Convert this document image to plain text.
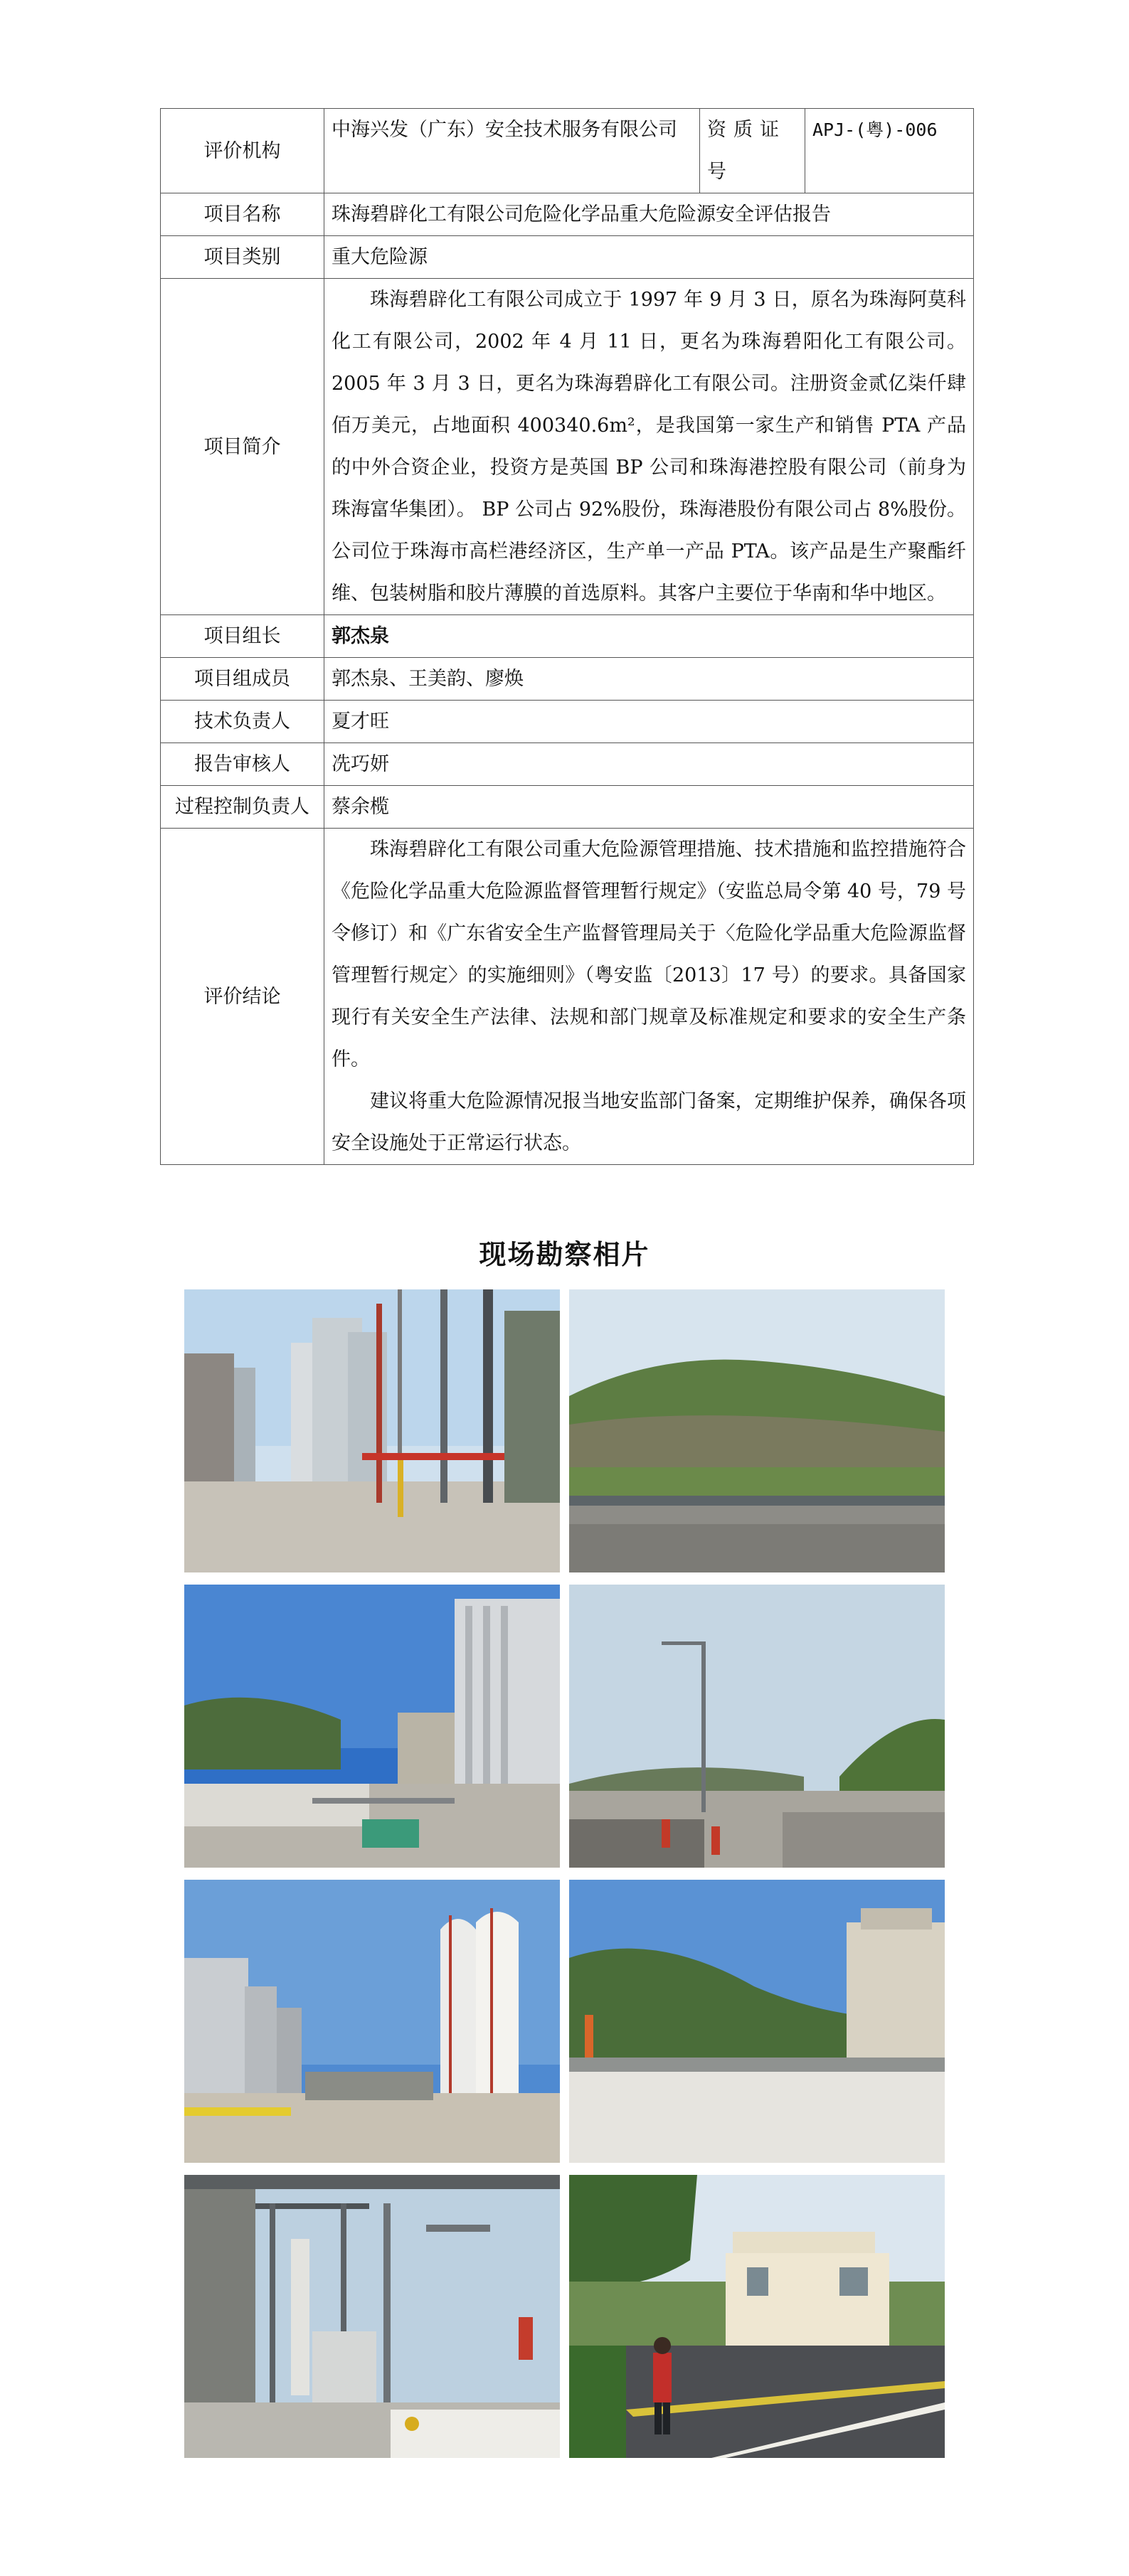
评价机构	中海兴发（广东）安全技术服务有限公司	资质证号	APJ-(粤)-006
项目名称	珠海碧辟化工有限公司危险化学品重大危险源安全评估报告		
项目类别	重大危险源		
项目简介	珠海碧辟化工有限公司成立于 1997 年 9 月 3 日，原名为珠海阿莫科化工有限公司，2002 年 4 月 11 日，更名为珠海碧阳化工有限公司。2005 年 3 月 3 日，更名为珠海碧辟化工有限公司。注册资金贰亿柒仟肆佰万美元，占地面积 400340.6m²，是我国第一家生产和销售 PTA 产品的中外合资企业，投资方是英国 BP 公司和珠海港控股有限公司（前身为珠海富华集团）。 BP 公司占 92%股份，珠海港股份有限公司占 8%股份。公司位于珠海市高栏港经济区，生产单一产品 PTA。该产品是生产聚酯纤维、包装树脂和胶片薄膜的首选原料。其客户主要位于华南和华中地区。		

项目组长	郭杰泉		
项目组成员	郭杰泉、王美韵、廖焕		
技术负责人	夏才旺		
报告审核人	冼巧妍		
过程控制负责人	蔡余榄		
评价结论	珠海碧辟化工有限公司重大危险源管理措施、技术措施和监控措施符合《危险化学品重大危险源监督管理暂行规定》（安监总局令第 40 号，79 号令修订）和《广东省安全生产监督管理局关于〈危险化学品重大危险源监督管理暂行规定〉的实施细则》（粤安监〔2013〕17 号）的要求。具备国家现行有关安全生产法律、法规和部门规章及标准规定和要求的安全生产条件。

建议将重大危险源情况报当地安监部门备案，定期维护保养，确保各项安全设施处于正常运行状态。		

现场勘察相片
